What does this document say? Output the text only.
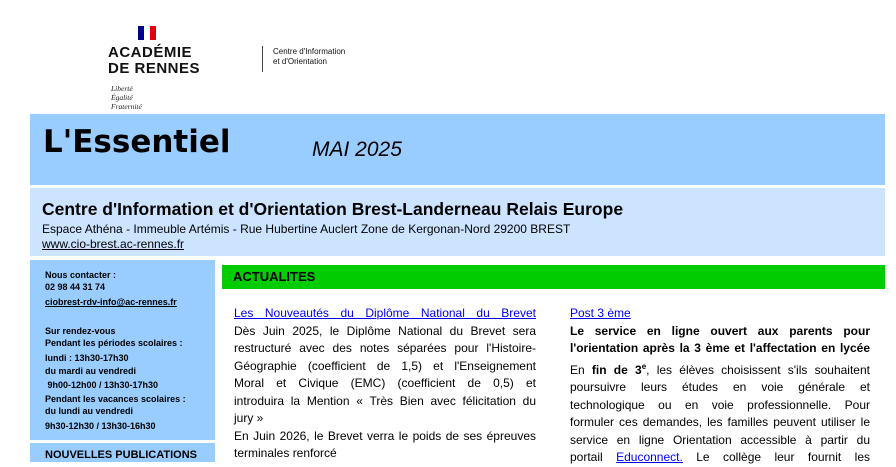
ACADÉMIE
DE RENNES
Liberté
Égalité
Fraternité
Centre d'Information
et d'Orientation
L'Essentiel	MAI 2025
Centre d'Information et d'Orientation Brest-Landerneau Relais Europe
Espace Athéna - Immeuble Artémis - Rue Hubertine Auclert Zone de Kergonan-Nord 29200 BREST
www.cio-brest.ac-rennes.fr
Nous contacter :
02 98 44 31 74
ciobrest-rdv-info@ac-rennes.fr
Sur rendez-vous
Pendant les périodes scolaires :
lundi : 13h30-17h30
du mardi au vendredi
9h00-12h00 / 13h30-17h30
Pendant les vacances scolaires :
du lundi au vendredi
9h30-12h30 / 13h30-16h30
NOUVELLES PUBLICATIONS
ACTUALITES
Les Nouveautés du Diplôme National du Brevet
Dès Juin 2025, le Diplôme National du Brevet sera
restructuré avec des notes séparées pour l'Histoire-
Géographie (coefficient de 1,5) et l'Enseignement
Moral et Civique (EMC) (coefficient de 0,5) et
introduira la Mention « Très Bien avec félicitation du
jury »
En Juin 2026, le Brevet verra le poids de ses épreuves
terminales renforcé
Post 3 ème
Le service en ligne ouvert aux parents pour
l'orientation après la 3 ème et l'affectation en lycée
En fin de 3e, les élèves choisissent s'ils souhaitent
poursuivre leurs études en voie générale et
technologique ou en voie professionnelle. Pour
formuler ces demandes, les familles peuvent utiliser le
service en ligne Orientation accessible à partir du
portail Educonnect. Le collège leur fournit les
